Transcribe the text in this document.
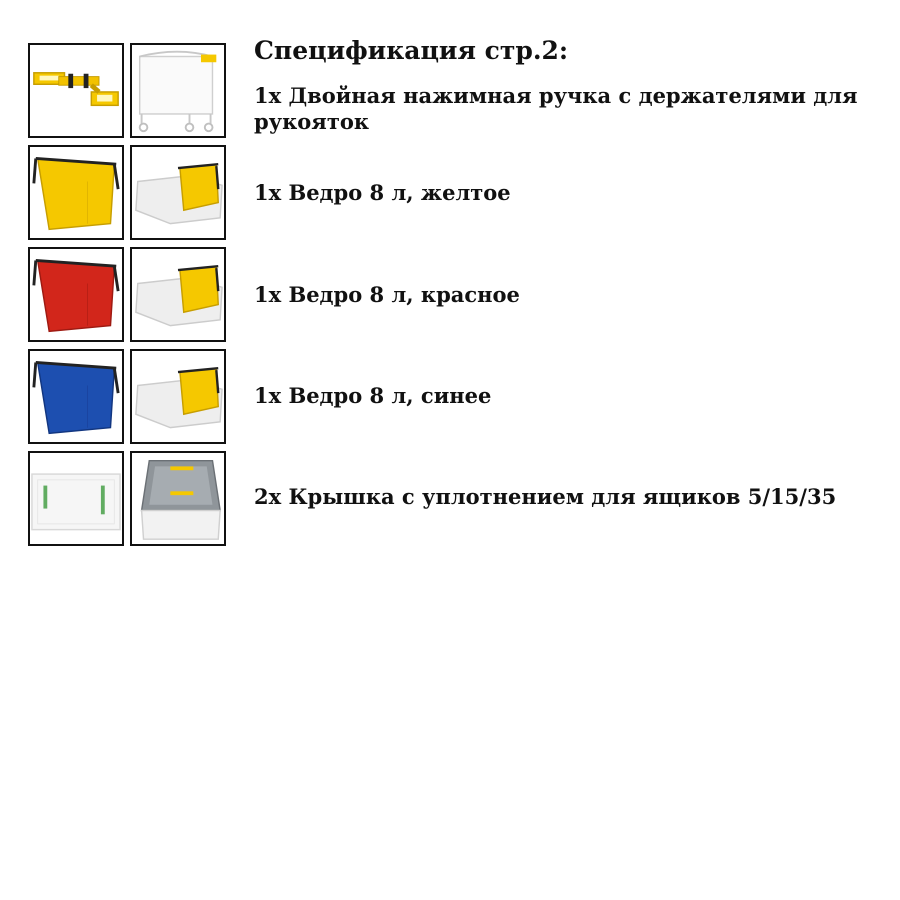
Спецификация стр.2:
1x Двойная нажимная ручка с держателями для рукояток
1x Ведро 8 л, желтое
1x Ведро 8 л, красное
1x Ведро 8 л, синее
2x Крышка с уплотнением для ящиков 5/15/35
